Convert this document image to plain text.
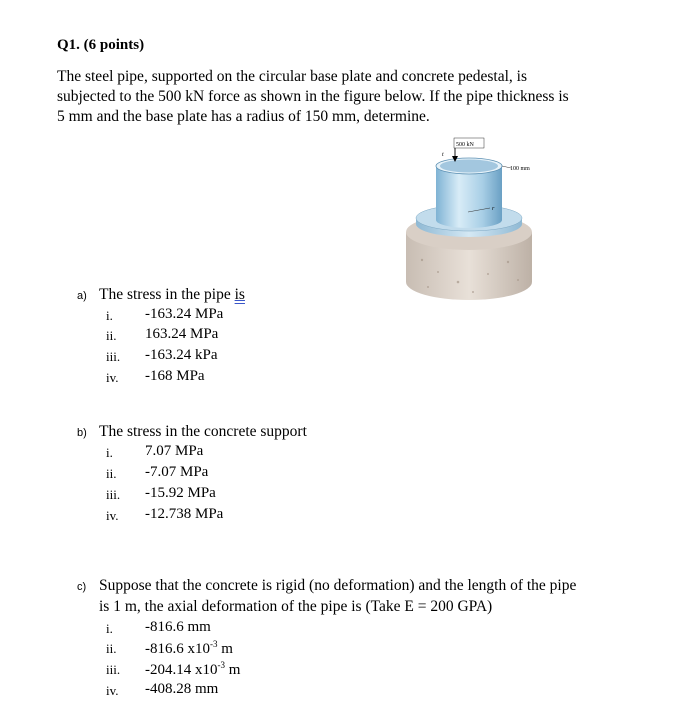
Q1. (6 points)
The steel pipe, supported on the circular base plate and concrete pedestal, is
subjected to the 500 kN force as shown in the figure below. If the pipe thickness is
5 mm and the base plate has a radius of 150 mm, determine.
500 kN
100 mm
t
r
a) The stress in the pipe is
i. -163.24 MPa
ii. 163.24 MPa
iii. -163.24 kPa
iv. -168 MPa
b) The stress in the concrete support
i. 7.07 MPa
ii. -7.07 MPa
iii. -15.92 MPa
iv. -12.738 MPa
c) Suppose that the concrete is rigid (no deformation) and the length of the pipe
is 1 m, the axial deformation of the pipe is (Take E = 200 GPA)
i. -816.6 mm
ii. -816.6 $x10^{-3}$ m
iii. -204.14 $x10^{-3}$ m
iv. -408.28 mm
